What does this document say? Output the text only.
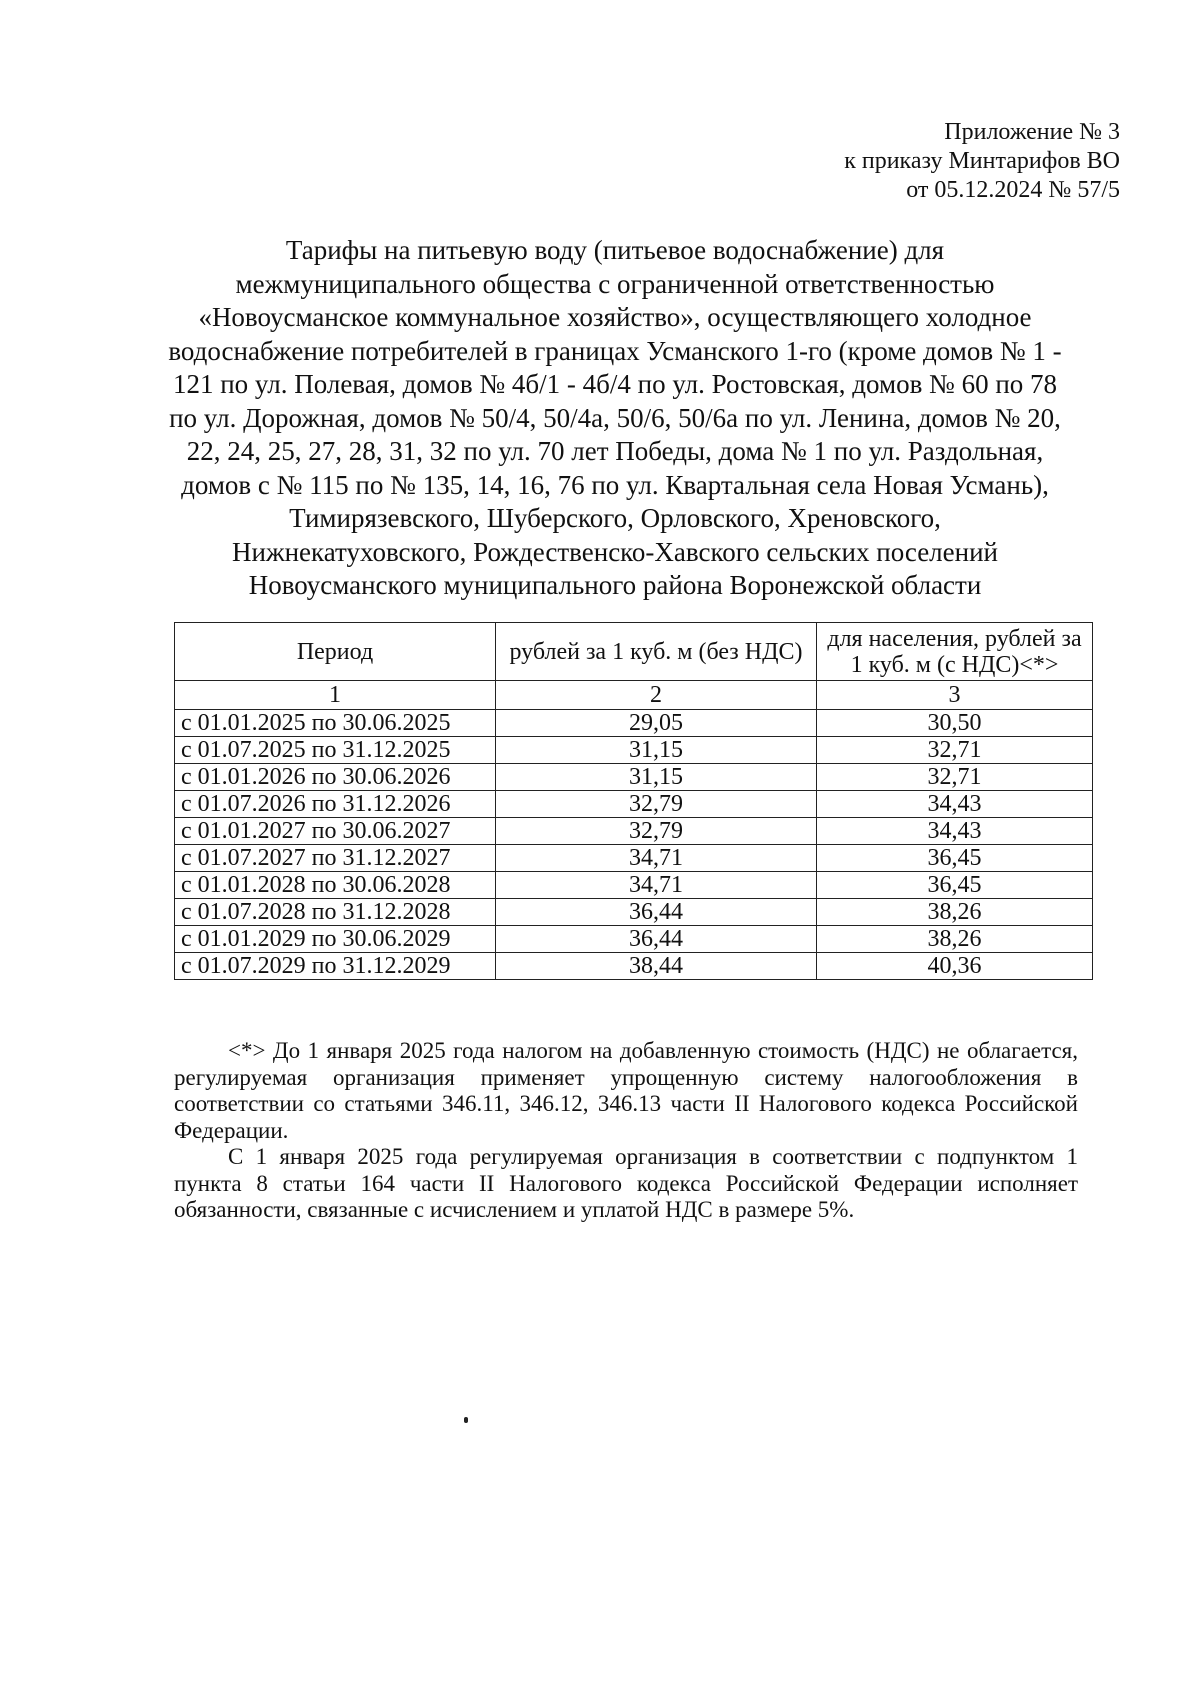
Приложение № 3
к приказу Минтарифов ВО
от 05.12.2024 № 57/5
Тарифы на питьевую воду (питьевое водоснабжение) для
межмуниципального общества с ограниченной ответственностью
«Новоусманское коммунальное хозяйство», осуществляющего холодное
водоснабжение потребителей в границах Усманского 1-го (кроме домов № 1 -
121 по ул. Полевая, домов № 4б/1 - 4б/4 по ул. Ростовская, домов № 60 по 78
по ул. Дорожная, домов № 50/4, 50/4а, 50/6, 50/6а по ул. Ленина, домов № 20,
22, 24, 25, 27, 28, 31, 32 по ул. 70 лет Победы, дома № 1 по ул. Раздольная,
домов с № 115 по № 135, 14, 16, 76 по ул. Квартальная села Новая Усмань),
Тимирязевского, Шуберского, Орловского, Хреновского,
Нижнекатуховского, Рождественско-Хавского сельских поселений
Новоусманского муниципального района Воронежской области
Период	рублей за 1 куб. м (без НДС)	для населения, рублей за 1 куб. м (с НДС)<*>
1	2	3
с 01.01.2025 по 30.06.2025	29,05	30,50
с 01.07.2025 по 31.12.2025	31,15	32,71
с 01.01.2026 по 30.06.2026	31,15	32,71
с 01.07.2026 по 31.12.2026	32,79	34,43
с 01.01.2027 по 30.06.2027	32,79	34,43
с 01.07.2027 по 31.12.2027	34,71	36,45
с 01.01.2028 по 30.06.2028	34,71	36,45
с 01.07.2028 по 31.12.2028	36,44	38,26
с 01.01.2029 по 30.06.2029	36,44	38,26
с 01.07.2029 по 31.12.2029	38,44	40,36

<*> До 1 января 2025 года налогом на добавленную стоимость (НДС) не облагается, регулируемая организация применяет упрощенную систему налогообложения в соответствии со статьями 346.11, 346.12, 346.13 части II Налогового кодекса Российской Федерации.

С 1 января 2025 года регулируемая организация в соответствии с подпунктом 1 пункта 8 статьи 164 части II Налогового кодекса Российской Федерации исполняет обязанности, связанные с исчислением и уплатой НДС в размере 5%.
